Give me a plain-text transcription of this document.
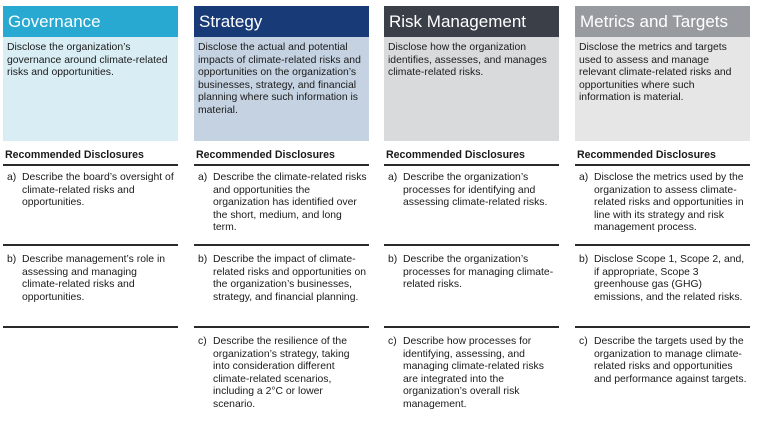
Governance
Disclose the organization’s governance around climate-related risks and opportunities.
Recommended Disclosures
a) Describe the board’s oversight of climate-related risks and opportunities.
b) Describe management’s role in assessing and managing climate-related risks and opportunities.
Strategy
Disclose the actual and potential impacts of climate-related risks and opportunities on the organization’s businesses, strategy, and financial planning where such information is material.
Recommended Disclosures
a) Describe the climate-related risks and opportunities the organization has identified over the short, medium, and long term.
b) Describe the impact of climate-related risks and opportunities on the organization’s businesses, strategy, and financial planning.
c) Describe the resilience of the organization’s strategy, taking into consideration different climate-related scenarios, including a 2°C or lower scenario.
Risk Management
Disclose how the organization identifies, assesses, and manages climate-related risks.
Recommended Disclosures
a) Describe the organization’s processes for identifying and assessing climate-related risks.
b) Describe the organization’s processes for managing climate-related risks.
c) Describe how processes for identifying, assessing, and managing climate-related risks are integrated into the organization’s overall risk management.
Metrics and Targets
Disclose the metrics and targets used to assess and manage relevant climate-related risks and opportunities where such information is material.
Recommended Disclosures
a) Disclose the metrics used by the organization to assess climate-related risks and opportunities in line with its strategy and risk management process.
b) Disclose Scope 1, Scope 2, and, if appropriate, Scope 3 greenhouse gas (GHG) emissions, and the related risks.
c) Describe the targets used by the organization to manage climate-related risks and opportunities and performance against targets.
